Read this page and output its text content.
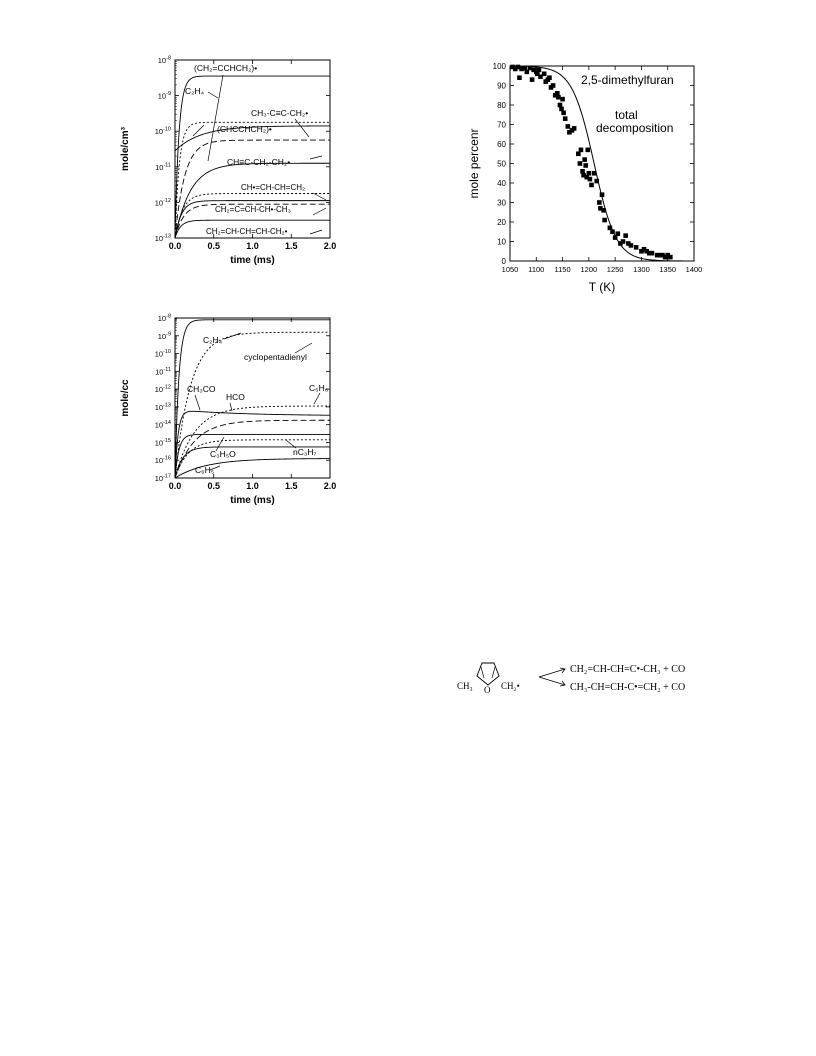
$10^{-8}$
$10^{-9}$
$10^{-10}$
$10^{-11}$
$10^{-12}$
$10^{-13}$
0.0	0.5	1.0	1.5	2.0
time (ms)
mole/cm³
(CH₂=CCHCH₂)•
C₂H₄
CH₃-C≡C-CH₂•
(CHCCHCH₂)•
CH≡C-CH₂-CH₂•
CH•=CH-CH=CH₂
CH₂=C=CH-CH•-CH₃
CH₂=CH-CH=CH-CH₂•
$10^{-8}$
$10^{-9}$
$10^{-10}$
$10^{-11}$
$10^{-12}$
$10^{-13}$
$10^{-14}$
$10^{-15}$
$10^{-16}$
$10^{-17}$
0.0	0.5	1.0	1.5	2.0
time (ms)
mole/cc
C₂H₄
cyclopentadienyl
CH₃CO	C₅H₆
HCO
C₃H₅O	nC₃H₇
C₆H₅
0
10
20
30
40
50
60
70
80
90
100
1050 1100 1150 1200 1250 1300 1350 1400
T (K)
mole percenr
2,5-dimethylfuran
total
decomposition
CH₃ O CH₂•
CH₂=CH-CH=C•-CH₃ + CO
CH₃-CH=CH-C•=CH₂ + CO
